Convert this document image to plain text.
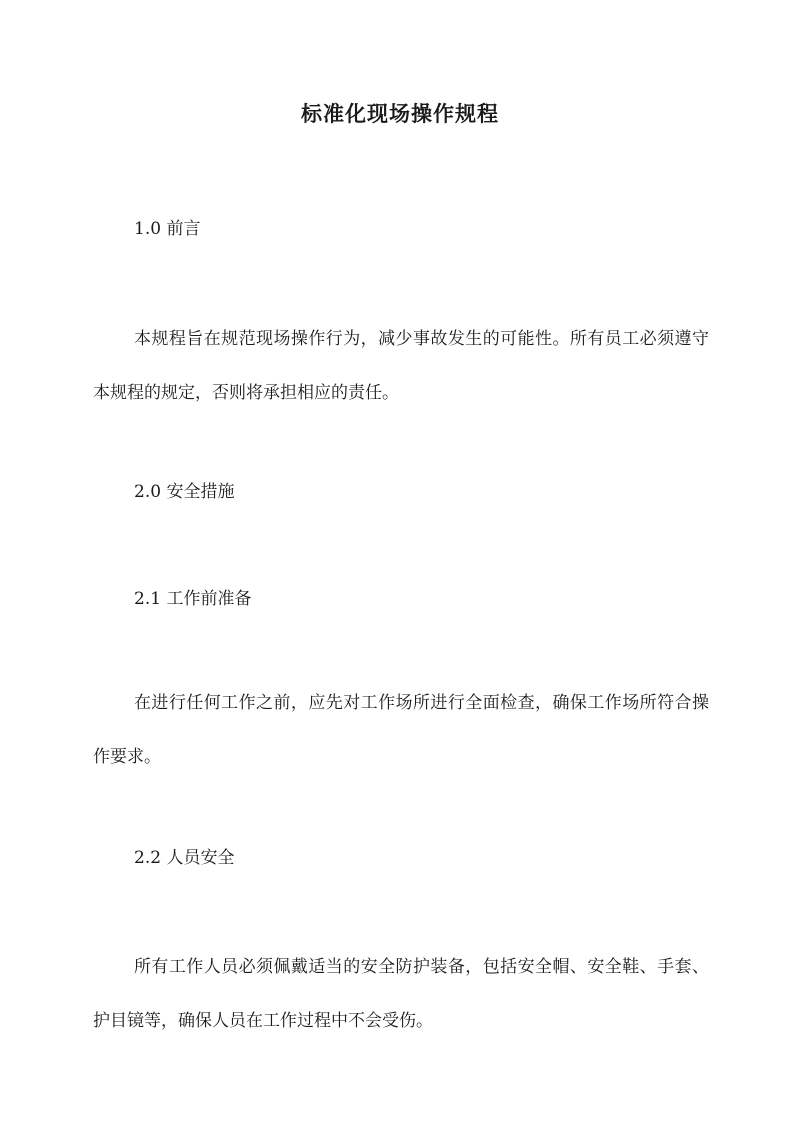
标准化现场操作规程
1.0 前言
本规程旨在规范现场操作行为，减少事故发生的可能性。所有员工必须遵守本规程的规定，否则将承担相应的责任。
2.0 安全措施
2.1 工作前准备
在进行任何工作之前，应先对工作场所进行全面检查，确保工作场所符合操作要求。
2.2 人员安全
所有工作人员必须佩戴适当的安全防护装备，包括安全帽、安全鞋、手套、护目镜等，确保人员在工作过程中不会受伤。
